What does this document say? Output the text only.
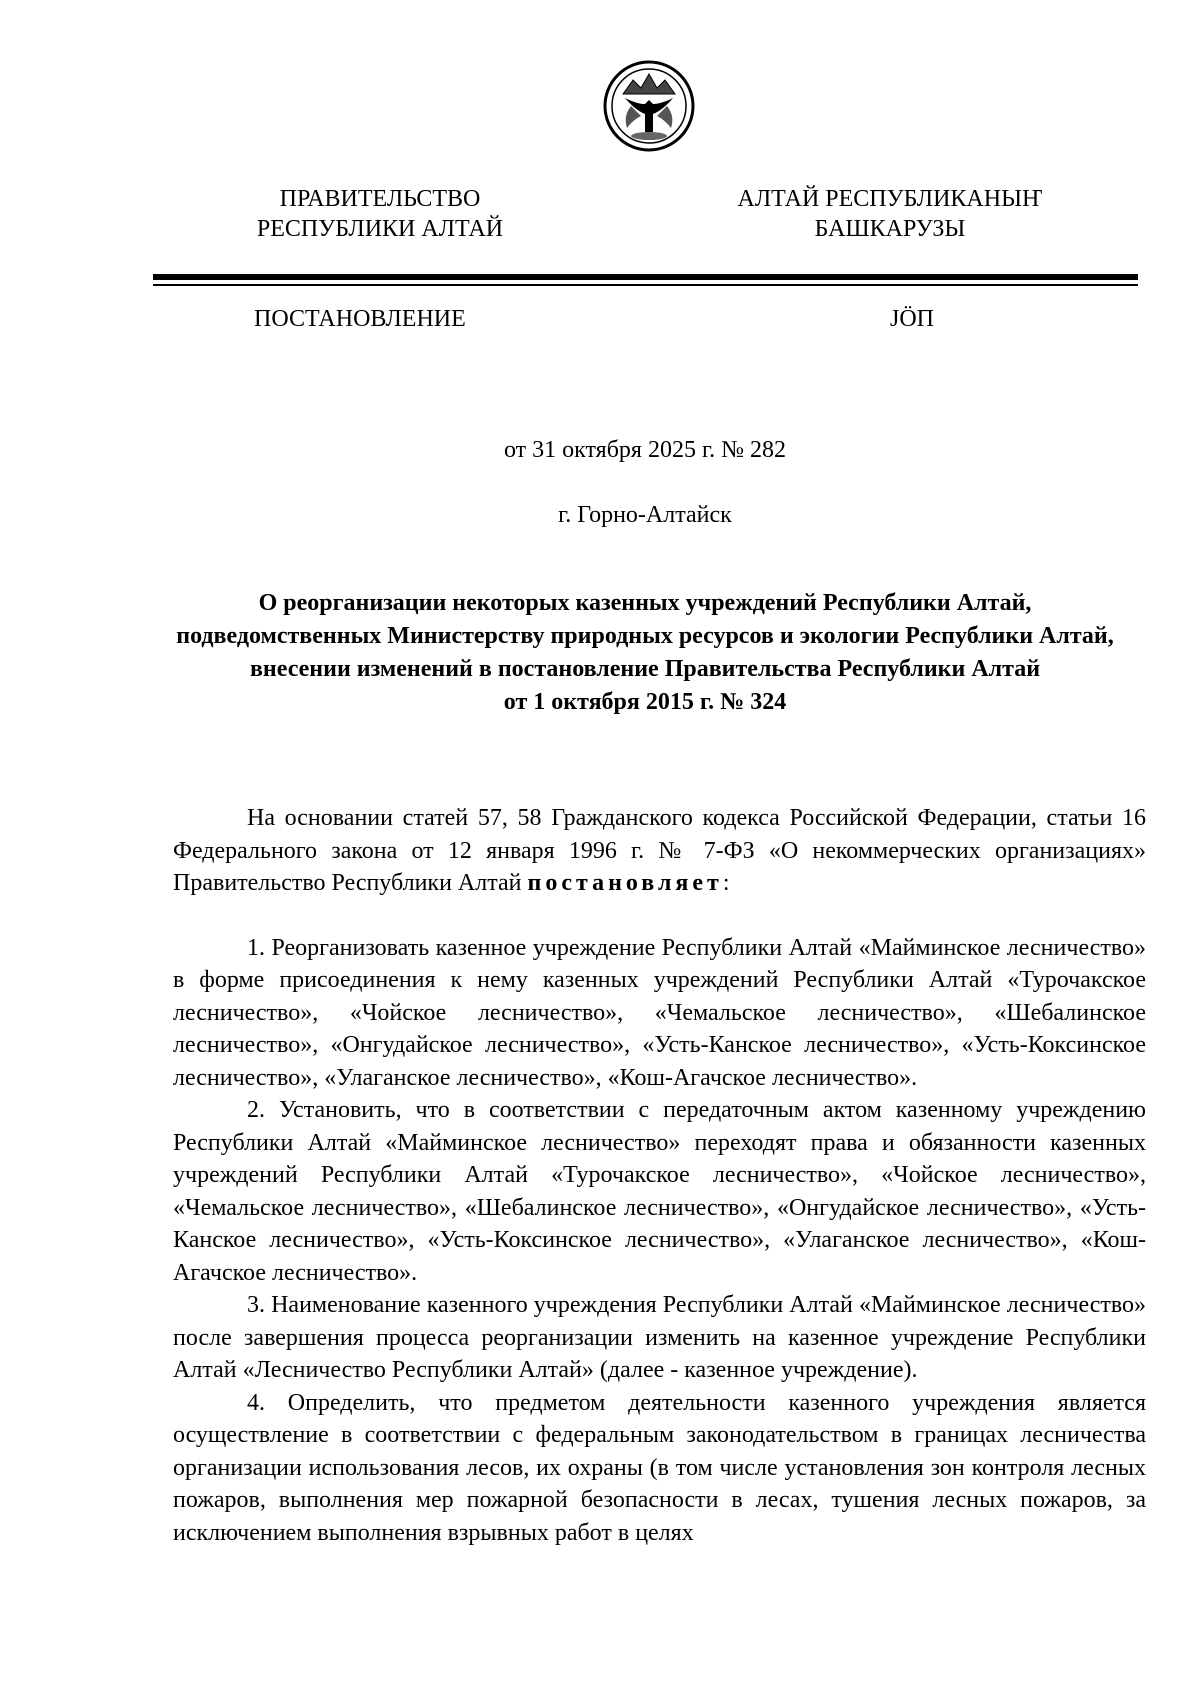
ПРАВИТЕЛЬСТВО
РЕСПУБЛИКИ АЛТАЙ
АЛТАЙ РЕСПУБЛИКАНЫҤ
БАШКАРУЗЫ
ПОСТАНОВЛЕНИЕ	JÖП
от 31 октября 2025 г. № 282
г. Горно-Алтайск
О реорганизации некоторых казенных учреждений Республики Алтай,
подведомственных Министерству природных ресурсов и экологии Республики Алтай,
внесении изменений в постановление Правительства Республики Алтай
от 1 октября 2015 г. № 324

На основании статей 57, 58 Гражданского кодекса Российской Федерации, статьи 16 Федерального закона от 12 января 1996 г. № 7-ФЗ «О некоммерческих организациях» Правительство Республики Алтай постановляет:

1. Реорганизовать казенное учреждение Республики Алтай «Майминское лесничество» в форме присоединения к нему казенных учреждений Республики Алтай «Турочакское лесничество», «Чойское лесничество», «Чемальское лесничество», «Шебалинское лесничество», «Онгудайское лесничество», «Усть-Канское лесничество», «Усть-Коксинское лесничество», «Улаганское лесничество», «Кош-Агачское лесничество».

2. Установить, что в соответствии с передаточным актом казенному учреждению Республики Алтай «Майминское лесничество» переходят права и обязанности казенных учреждений Республики Алтай «Турочакское лесничество», «Чойское лесничество», «Чемальское лесничество», «Шебалинское лесничество», «Онгудайское лесничество», «Усть-Канское лесничество», «Усть-Коксинское лесничество», «Улаганское лесничество», «Кош-Агачское лесничество».

3. Наименование казенного учреждения Республики Алтай «Майминское лесничество» после завершения процесса реорганизации изменить на казенное учреждение Республики Алтай «Лесничество Республики Алтай» (далее - казенное учреждение).

4. Определить, что предметом деятельности казенного учреждения является осуществление в соответствии с федеральным законодательством в границах лесничества организации использования лесов, их охраны (в том числе установления зон контроля лесных пожаров, выполнения мер пожарной безопасности в лесах, тушения лесных пожаров, за исключением выполнения взрывных работ в целях
